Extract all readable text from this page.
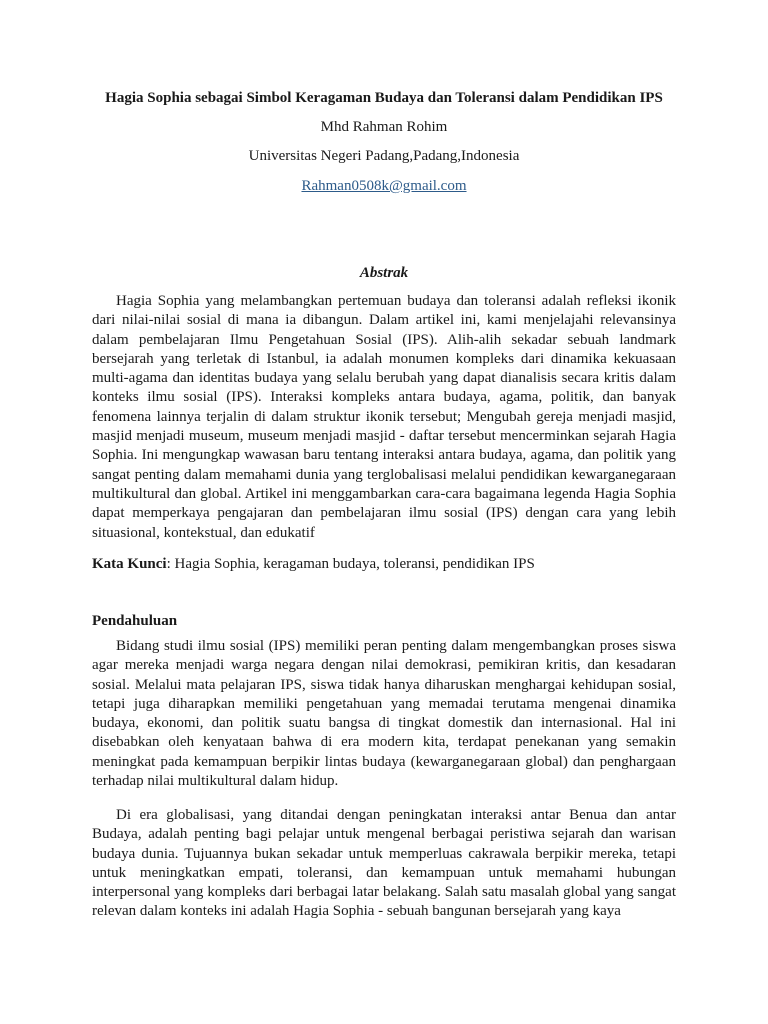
Hagia Sophia sebagai Simbol Keragaman Budaya dan Toleransi dalam Pendidikan IPS
Mhd Rahman Rohim
Universitas Negeri Padang,Padang,Indonesia
Rahman0508k@gmail.com
Abstrak

Hagia Sophia yang melambangkan pertemuan budaya dan toleransi adalah refleksi ikonik dari nilai-nilai sosial di mana ia dibangun. Dalam artikel ini, kami menjelajahi relevansinya dalam pembelajaran Ilmu Pengetahuan Sosial (IPS). Alih-alih sekadar sebuah landmark bersejarah yang terletak di Istanbul, ia adalah monumen kompleks dari dinamika kekuasaan multi-agama dan identitas budaya yang selalu berubah yang dapat dianalisis secara kritis dalam konteks ilmu sosial (IPS). Interaksi kompleks antara budaya, agama, politik, dan banyak fenomena lainnya terjalin di dalam struktur ikonik tersebut; Mengubah gereja menjadi masjid, masjid menjadi museum, museum menjadi masjid - daftar tersebut mencerminkan sejarah Hagia Sophia. Ini mengungkap wawasan baru tentang interaksi antara budaya, agama, dan politik yang sangat penting dalam memahami dunia yang terglobalisasi melalui pendidikan kewarganegaraan multikultural dan global. Artikel ini menggambarkan cara-cara bagaimana legenda Hagia Sophia dapat memperkaya pengajaran dan pembelajaran ilmu sosial (IPS) dengan cara yang lebih situasional, kontekstual, dan edukatif

Kata Kunci: Hagia Sophia, keragaman budaya, toleransi, pendidikan IPS

Pendahuluan

Bidang studi ilmu sosial (IPS) memiliki peran penting dalam mengembangkan proses siswa agar mereka menjadi warga negara dengan nilai demokrasi, pemikiran kritis, dan kesadaran sosial. Melalui mata pelajaran IPS, siswa tidak hanya diharuskan menghargai kehidupan sosial, tetapi juga diharapkan memiliki pengetahuan yang memadai terutama mengenai dinamika budaya, ekonomi, dan politik suatu bangsa di tingkat domestik dan internasional. Hal ini disebabkan oleh kenyataan bahwa di era modern kita, terdapat penekanan yang semakin meningkat pada kemampuan berpikir lintas budaya (kewarganegaraan global) dan penghargaan terhadap nilai multikultural dalam hidup.

Di era globalisasi, yang ditandai dengan peningkatan interaksi antar Benua dan antar Budaya, adalah penting bagi pelajar untuk mengenal berbagai peristiwa sejarah dan warisan budaya dunia. Tujuannya bukan sekadar untuk memperluas cakrawala berpikir mereka, tetapi untuk meningkatkan empati, toleransi, dan kemampuan untuk memahami hubungan interpersonal yang kompleks dari berbagai latar belakang. Salah satu masalah global yang sangat relevan dalam konteks ini adalah Hagia Sophia - sebuah bangunan bersejarah yang kaya
